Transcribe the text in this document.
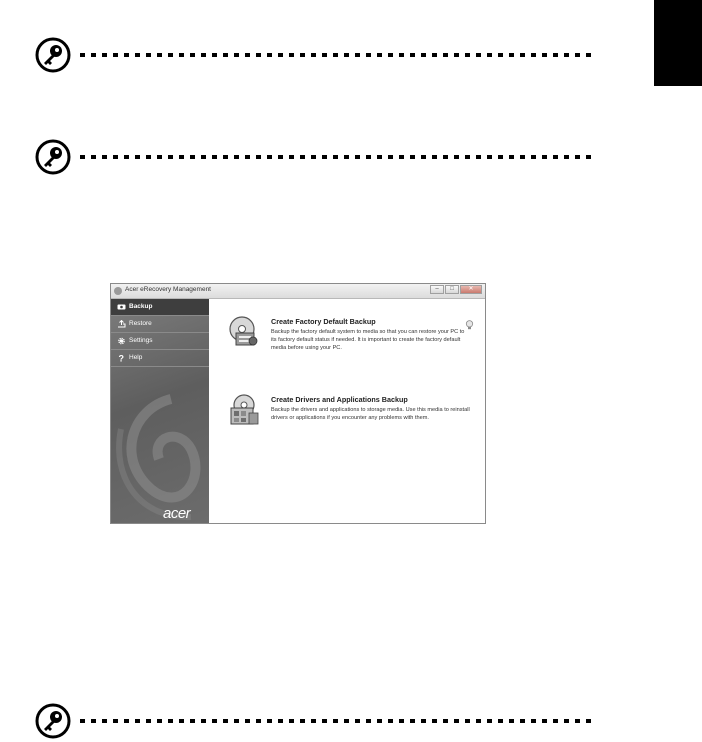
Acer eRecovery Management	–	□	✕
Backup
Restore
Settings
? Help
acer
Create Factory Default Backup
Backup the factory default system to media so that you can restore your PC to its factory default status if needed. It is important to create the factory default media before using your PC.
Create Drivers and Applications Backup
Backup the drivers and applications to storage media. Use this media to reinstall drivers or applications if you encounter any problems with them.
